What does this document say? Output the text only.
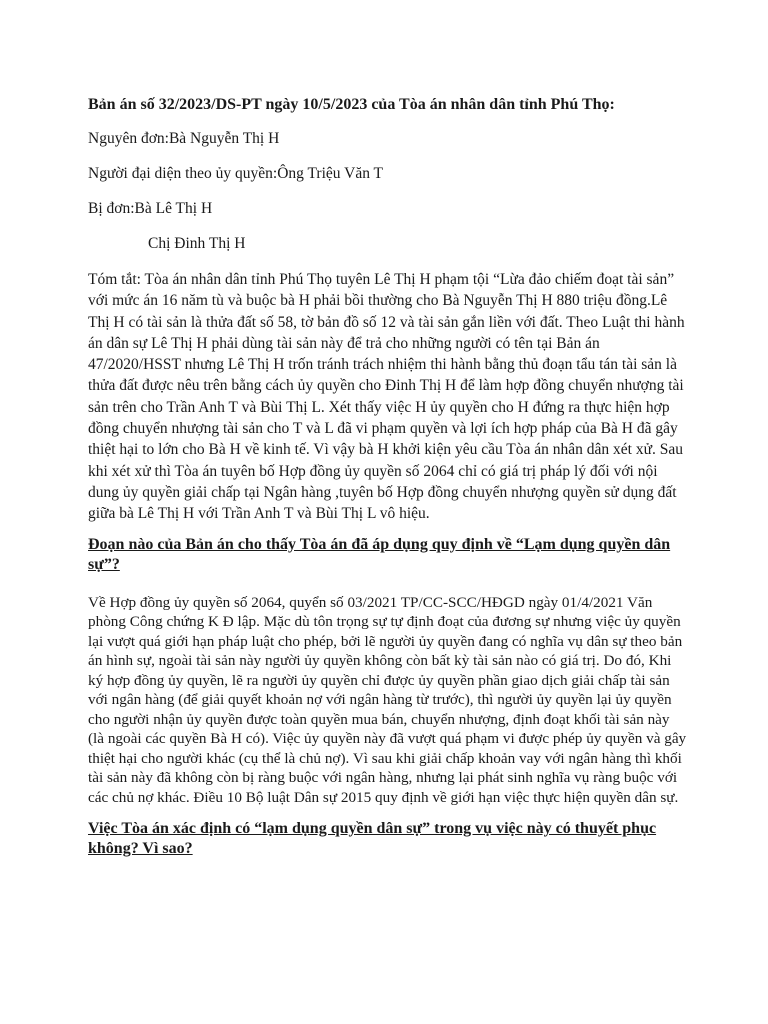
Bản án số 32/2023/DS-PT ngày 10/5/2023 của Tòa án nhân dân tỉnh Phú Thọ:
Nguyên đơn:Bà Nguyễn Thị H
Người đại diện theo ủy quyền:Ông Triệu Văn T
Bị đơn:Bà Lê Thị H
Chị Đinh Thị H
Tóm tắt: Tòa án nhân dân tỉnh Phú Thọ tuyên Lê Thị H phạm tội “Lừa đảo chiếm đoạt tài sản” với mức án 16 năm tù và buộc bà H phải bồi thường cho Bà Nguyễn Thị H 880 triệu đồng.Lê Thị H có tài sản là thửa đất số 58, tờ bản đồ số 12 và tài sản gắn liền với đất. Theo Luật thi hành án dân sự Lê Thị H phải dùng tài sản này để trả cho những người có tên tại Bản án 47/2020/HSST nhưng Lê Thị H trốn tránh trách nhiệm thi hành bằng thủ đoạn tẩu tán tài sản là thửa đất được nêu trên bằng cách ủy quyền cho Đinh Thị H để làm hợp đồng chuyển nhượng tài sản trên cho Trần Anh T và Bùi Thị L. Xét thấy việc H ủy quyền cho H đứng ra thực hiện hợp đồng chuyển nhượng tài sản cho T và L đã vi phạm quyền và lợi ích hợp pháp của Bà H đã gây thiệt hại to lớn cho Bà H về kinh tế. Vì vậy bà H khởi kiện yêu cầu Tòa án nhân dân xét xử. Sau khi xét xử thì Tòa án tuyên bố Hợp đồng ủy quyền số 2064 chỉ có giá trị pháp lý đối với nội dung ủy quyền giải chấp tại Ngân hàng ,tuyên bố Hợp đồng chuyển nhượng quyền sử dụng đất giữa bà Lê Thị H với Trần Anh T và Bùi Thị L vô hiệu.
Đoạn nào của Bản án cho thấy Tòa án đã áp dụng quy định về “Lạm dụng quyền dân sự”?
Về Hợp đồng ủy quyền số 2064, quyển số 03/2021 TP/CC-SCC/HĐGD ngày 01/4/2021 Văn phòng Công chứng K Đ lập. Mặc dù tôn trọng sự tự định đoạt của đương sự nhưng việc ủy quyền lại vượt quá giới hạn pháp luật cho phép, bởi lẽ người ủy quyền đang có nghĩa vụ dân sự theo bản án hình sự, ngoài tài sản này người ủy quyền không còn bất kỳ tài sản nào có giá trị. Do đó, Khi ký hợp đồng ủy quyền, lẽ ra người ủy quyền chỉ được ủy quyền phần giao dịch giải chấp tài sản với ngân hàng (để giải quyết khoản nợ với ngân hàng từ trước), thì người ủy quyền lại ủy quyền cho người nhận ủy quyền được toàn quyền mua bán, chuyển nhượng, định đoạt khối tài sản này (là ngoài các quyền Bà H có). Việc ủy quyền này đã vượt quá phạm vi được phép ủy quyền và gây thiệt hại cho người khác (cụ thể là chủ nợ). Vì sau khi giải chấp khoản vay với ngân hàng thì khối tài sản này đã không còn bị ràng buộc với ngân hàng, nhưng lại phát sinh nghĩa vụ ràng buộc với các chủ nợ khác. Điều 10 Bộ luật Dân sự 2015 quy định về giới hạn việc thực hiện quyền dân sự.
Việc Tòa án xác định có “lạm dụng quyền dân sự” trong vụ việc này có thuyết phục không? Vì sao?
